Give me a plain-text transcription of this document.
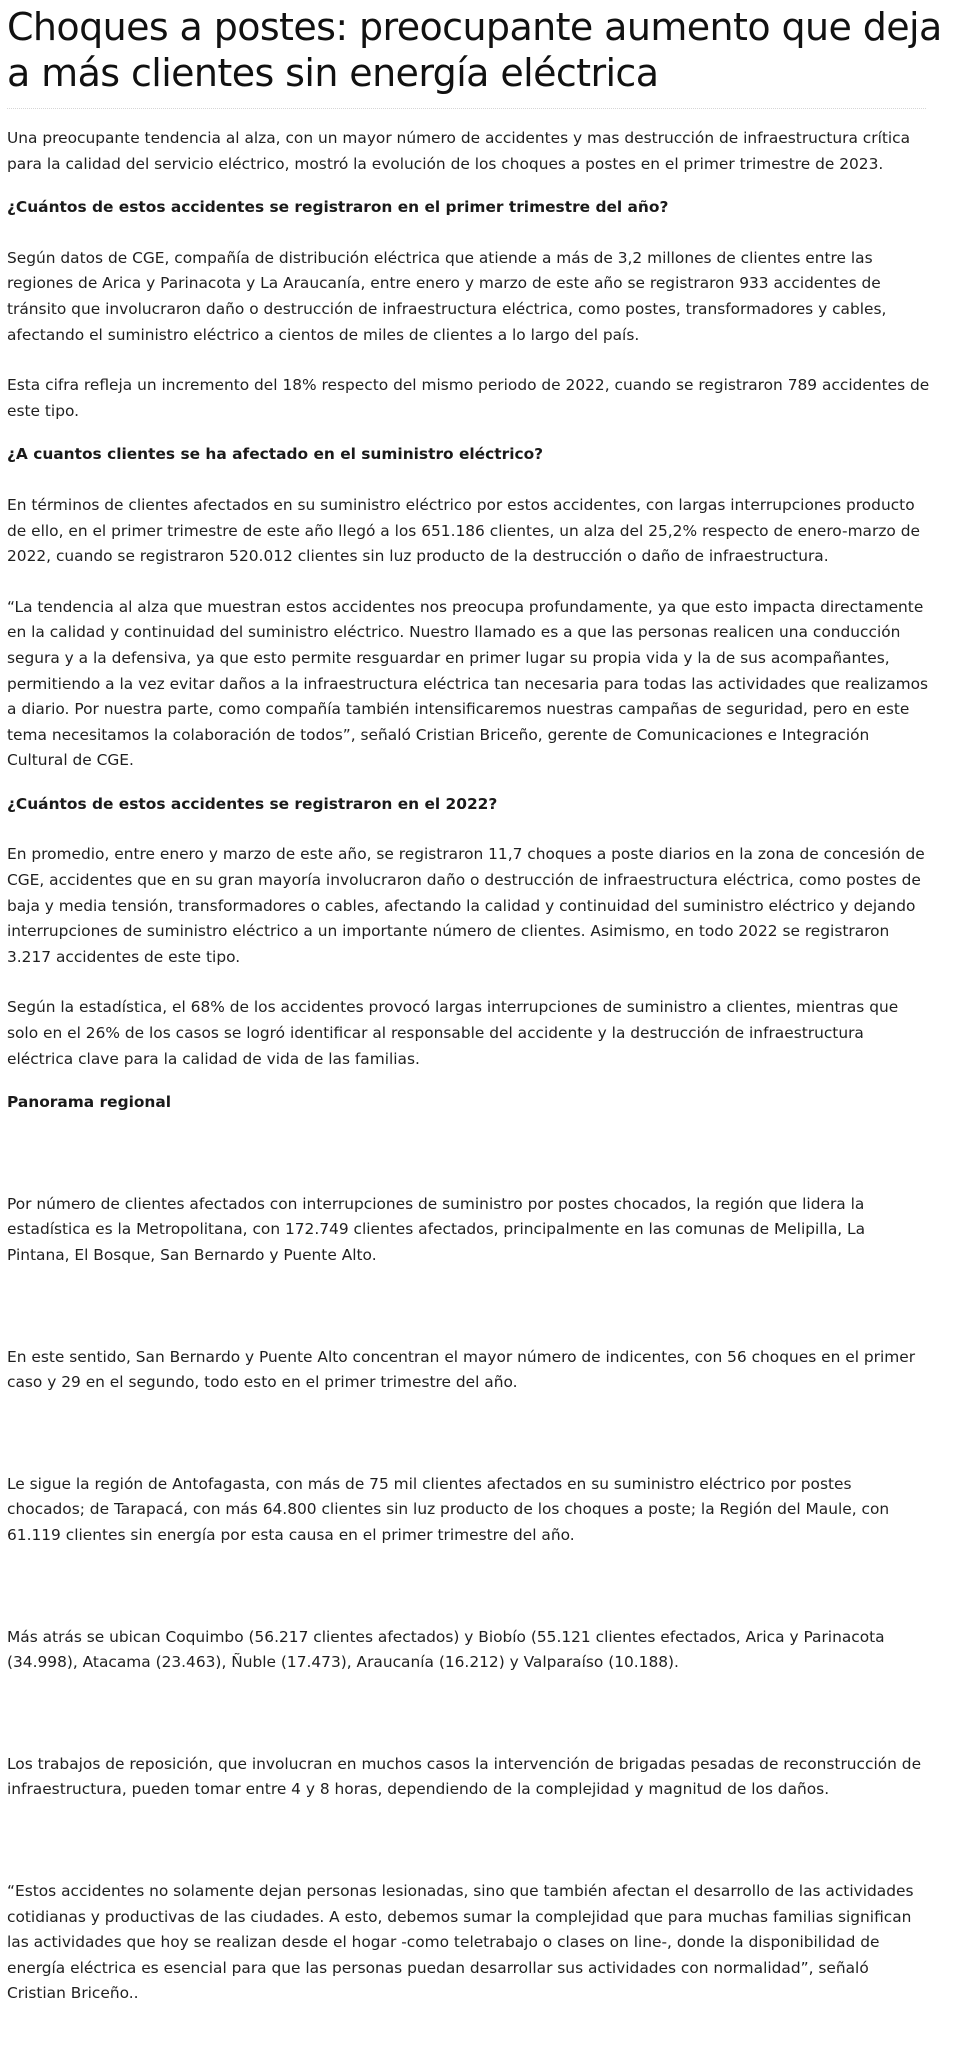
Choques a postes: preocupante aumento que deja a más clientes sin energía eléctrica

Una preocupante tendencia al alza, con un mayor número de accidentes y mas destrucción de infraestructura crítica para la calidad del servicio eléctrico, mostró la evolución de los choques a postes en el primer trimestre de 2023.

¿Cuántos de estos accidentes se registraron en el primer trimestre del año?

Según datos de CGE, compañía de distribución eléctrica que atiende a más de 3,2 millones de clientes entre las regiones de Arica y Parinacota y La Araucanía, entre enero y marzo de este año se registraron 933 accidentes de tránsito que involucraron daño o destrucción de infraestructura eléctrica, como postes, transformadores y cables, afectando el suministro eléctrico a cientos de miles de clientes a lo largo del país.

Esta cifra refleja un incremento del 18% respecto del mismo periodo de 2022, cuando se registraron 789 accidentes de este tipo.

¿A cuantos clientes se ha afectado en el suministro eléctrico?

En términos de clientes afectados en su suministro eléctrico por estos accidentes, con largas interrupciones producto de ello, en el primer trimestre de este año llegó a los 651.186 clientes, un alza del 25,2% respecto de enero-marzo de 2022, cuando se registraron 520.012 clientes sin luz producto de la destrucción o daño de infraestructura.

“La tendencia al alza que muestran estos accidentes nos preocupa profundamente, ya que esto impacta directamente en la calidad y continuidad del suministro eléctrico. Nuestro llamado es a que las personas realicen una conducción segura y a la defensiva, ya que esto permite resguardar en primer lugar su propia vida y la de sus acompañantes, permitiendo a la vez evitar daños a la infraestructura eléctrica tan necesaria para todas las actividades que realizamos a diario. Por nuestra parte, como compañía también intensificaremos nuestras campañas de seguridad, pero en este tema necesitamos la colaboración de todos”, señaló Cristian Briceño, gerente de Comunicaciones e Integración Cultural de CGE.

¿Cuántos de estos accidentes se registraron en el 2022?

En promedio, entre enero y marzo de este año, se registraron 11,7 choques a poste diarios en la zona de concesión de CGE, accidentes que en su gran mayoría involucraron daño o destrucción de infraestructura eléctrica, como postes de baja y media tensión, transformadores o cables, afectando la calidad y continuidad del suministro eléctrico y dejando interrupciones de suministro eléctrico a un importante número de clientes. Asimismo, en todo 2022 se registraron 3.217 accidentes de este tipo.

Según la estadística, el 68% de los accidentes provocó largas interrupciones de suministro a clientes, mientras que solo en el 26% de los casos se logró identificar al responsable del accidente y la destrucción de infraestructura eléctrica clave para la calidad de vida de las familias.

Panorama regional

Por número de clientes afectados con interrupciones de suministro por postes chocados, la región que lidera la estadística es la Metropolitana, con 172.749 clientes afectados, principalmente en las comunas de Melipilla, La Pintana, El Bosque, San Bernardo y Puente Alto.

En este sentido, San Bernardo y Puente Alto concentran el mayor número de indicentes, con 56 choques en el primer caso y 29 en el segundo, todo esto en el primer trimestre del año.

Le sigue la región de Antofagasta, con más de 75 mil clientes afectados en su suministro eléctrico por postes chocados; de Tarapacá, con más 64.800 clientes sin luz producto de los choques a poste; la Región del Maule, con 61.119 clientes sin energía por esta causa en el primer trimestre del año.

Más atrás se ubican Coquimbo (56.217 clientes afectados) y Biobío (55.121 clientes efectados, Arica y Parinacota (34.998), Atacama (23.463), Ñuble (17.473), Araucanía (16.212) y Valparaíso (10.188).

Los trabajos de reposición, que involucran en muchos casos la intervención de brigadas pesadas de reconstrucción de infraestructura, pueden tomar entre 4 y 8 horas, dependiendo de la complejidad y magnitud de los daños.

“Estos accidentes no solamente dejan personas lesionadas, sino que también afectan el desarrollo de las actividades cotidianas y productivas de las ciudades. A esto, debemos sumar la complejidad que para muchas familias significan las actividades que hoy se realizan desde el hogar -como teletrabajo o clases on line-, donde la disponibilidad de energía eléctrica es esencial para que las personas puedan desarrollar sus actividades con normalidad”, señaló Cristian Briceño..
